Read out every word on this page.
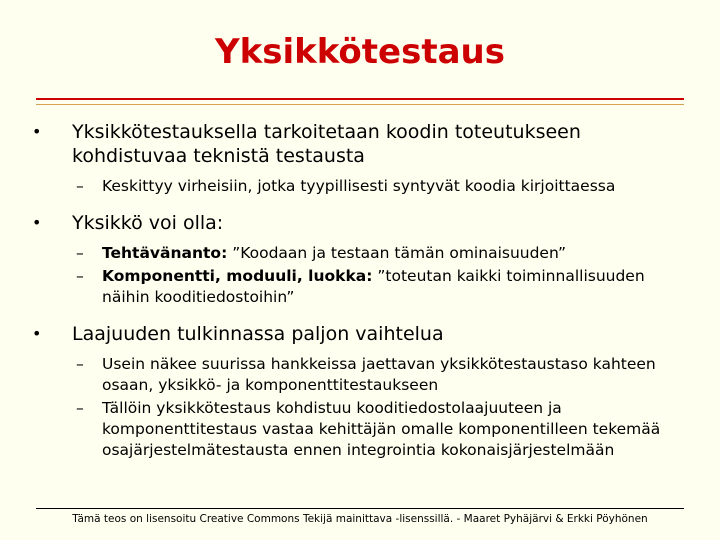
Yksikkötestaus
• Yksikkötestauksella tarkoitetaan koodin toteutukseen kohdistuvaa teknistä testausta
– Keskittyy virheisiin, jotka tyypillisesti syntyvät koodia kirjoittaessa
• Yksikkö voi olla:
– Tehtävänanto: ”Koodaan ja testaan tämän ominaisuuden”
– Komponentti, moduuli, luokka: ”toteutan kaikki toiminnallisuuden näihin kooditiedostoihin”
• Laajuuden tulkinnassa paljon vaihtelua
– Usein näkee suurissa hankkeissa jaettavan yksikkötestaustaso kahteen osaan, yksikkö- ja komponenttitestaukseen
– Tällöin yksikkötestaus kohdistuu kooditiedostolaajuuteen ja komponenttitestaus vastaa kehittäjän omalle komponentilleen tekemää osajärjestelmätestausta ennen integrointia kokonaisjärjestelmään
Tämä teos on lisensoitu Creative Commons Tekijä mainittava -lisenssillä. - Maaret Pyhäjärvi & Erkki Pöyhönen
